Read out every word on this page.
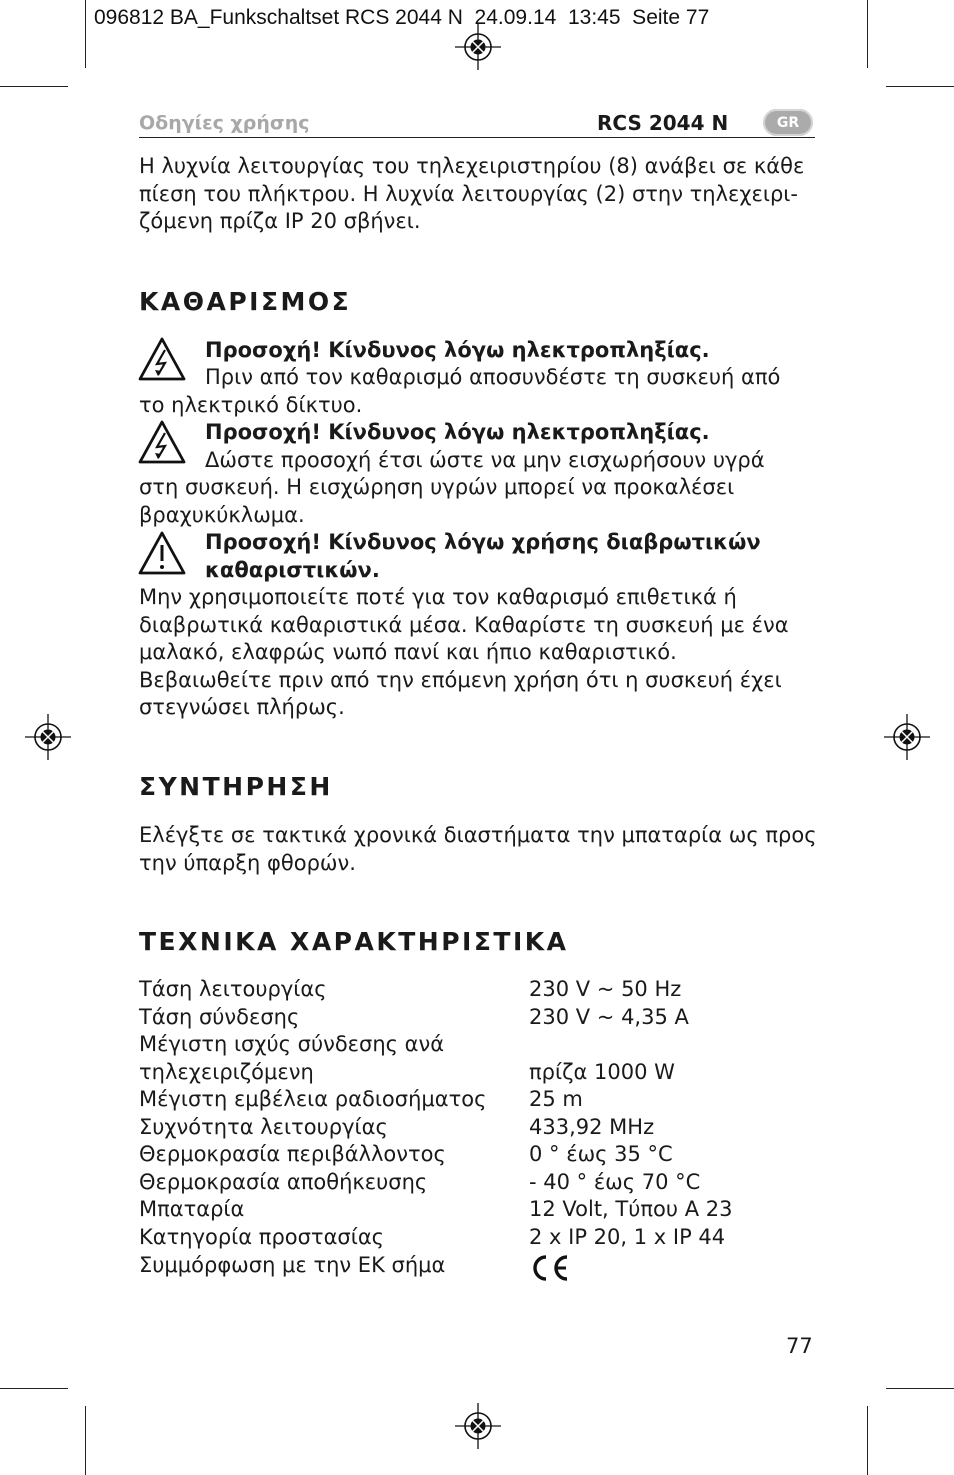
096812 BA_Funkschaltset RCS 2044 N  24.09.14  13:45  Seite 77
Οδηγίες χρήσης	RCS 2044 N	GR
Η λυχνία λειτουργίας του τηλεχειριστηρίου (8) ανάβει σε κάθε
πίεση του πλήκτρου. Η λυχνία λειτουργίας (2) στην τηλεχειρι-
ζόμενη πρίζα IP 20 σβήνει.
ΚΑΘΑΡΙΣΜΟΣ
Προσοχή! Κίνδυνος λόγω ηλεκτροπληξίας.
Πριν από τον καθαρισμό αποσυνδέστε τη συσκευή από
το ηλεκτρικό δίκτυο.
Προσοχή! Κίνδυνος λόγω ηλεκτροπληξίας.
Δώστε προσοχή έτσι ώστε να μην εισχωρήσουν υγρά
στη συσκευή. Η εισχώρηση υγρών μπορεί να προκαλέσει
βραχυκύκλωμα.
Προσοχή! Κίνδυνος λόγω χρήσης διαβρωτικών
καθαριστικών.
Μην χρησιμοποιείτε ποτέ για τον καθαρισμό επιθετικά ή
διαβρωτικά καθαριστικά μέσα. Καθαρίστε τη συσκευή με ένα
μαλακό, ελαφρώς νωπό πανί και ήπιο καθαριστικό.
Βεβαιωθείτε πριν από την επόμενη χρήση ότι η συσκευή έχει
στεγνώσει πλήρως.
ΣΥΝΤΗΡΗΣΗ
Ελέγξτε σε τακτικά χρονικά διαστήματα την μπαταρία ως προς
την ύπαρξη φθορών.
ΤΕΧΝΙΚΑ ΧΑΡΑΚΤΗΡΙΣΤΙΚΑ
Τάση λειτουργίας	230 V ~ 50 Hz
Τάση σύνδεσης	230 V ~ 4,35 A
Μέγιστη ισχύς σύνδεσης ανά
τηλεχειριζόμενη	πρίζα 1000 W
Μέγιστη εμβέλεια ραδιοσήματος 25 m
Συχνότητα λειτουργίας	433,92 MHz
Θερμοκρασία περιβάλλοντος	0 ° έως 35 °C
Θερμοκρασία αποθήκευσης	- 40 ° έως 70 °C
Μπαταρία	12 Volt, Τύπου A 23
Κατηγορία προστασίας	2 x IP 20, 1 x IP 44
Συμμόρφωση με την ΕΚ σήμα
77
